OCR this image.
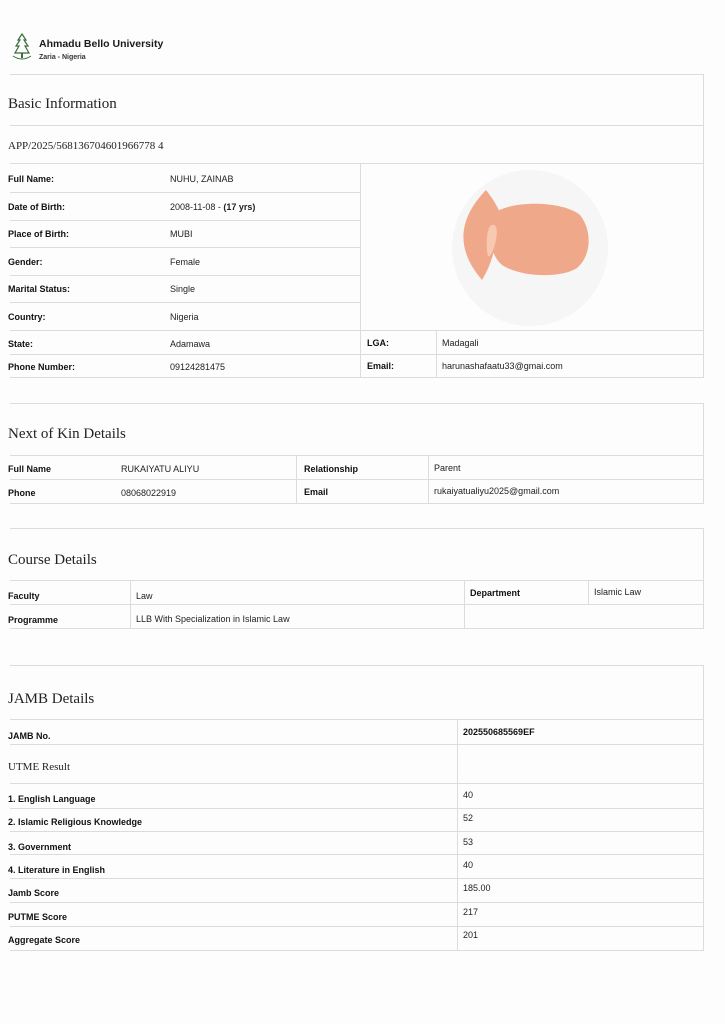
Ahmadu Bello University
Zaria - Nigeria
Basic Information
APP/2025/568136704601966778 4
Full Name:	NUHU, ZAINAB
Date of Birth:	2008-11-08 - (17 yrs)
Place of Birth:	MUBI
Gender:	Female
Marital Status:	Single
Country:	Nigeria
State:	Adamawa
Phone Number:	09124281475
LGA:	Madagali
Email:	harunashafaatu33@gmai.com
Next of Kin Details
Full Name	RUKAIYATU ALIYU	Relationship	Parent
Phone	08068022919	Email	rukaiyatualiyu2025@gmail.com
Course Details
Faculty	Law	Department	Islamic Law
Programme	LLB With Specialization in Islamic Law
JAMB Details
JAMB No.	202550685569EF
UTME Result
1. English Language	40
2. Islamic Religious Knowledge	52
3. Government	53
4. Literature in English	40
Jamb Score	185.00
PUTME Score	217
Aggregate Score	201
